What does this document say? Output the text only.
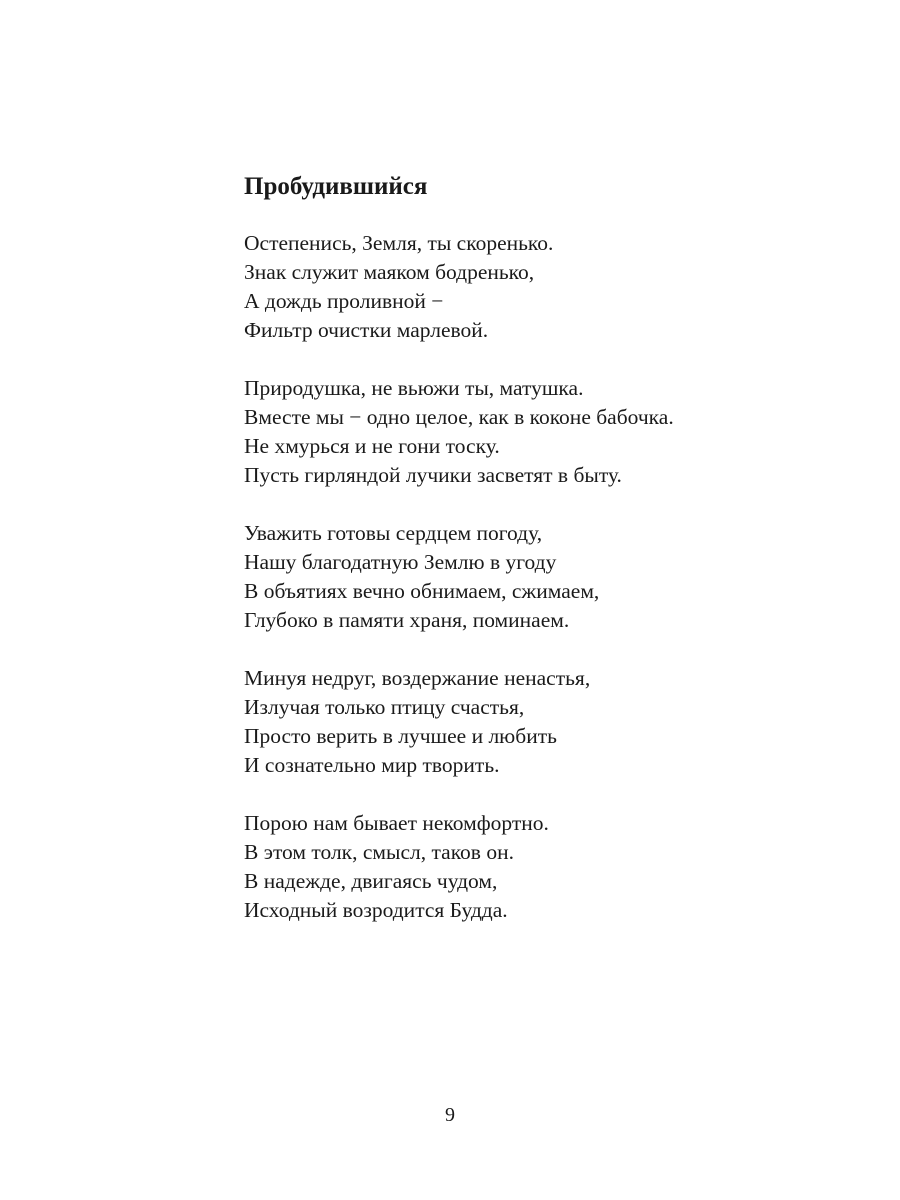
Пробудившийся
Остепенись, Земля, ты скоренько.
Знак служит маяком бодренько,
А дождь проливной −
Фильтр очистки марлевой.
Природушка, не вьюжи ты, матушка.
Вместе мы − одно целое, как в коконе бабочка.
Не хмурься и не гони тоску.
Пусть гирляндой лучики засветят в быту.
Уважить готовы сердцем погоду,
Нашу благодатную Землю в угоду
В объятиях вечно обнимаем, сжимаем,
Глубоко в памяти храня, поминаем.
Минуя недруг, воздержание ненастья,
Излучая только птицу счастья,
Просто верить в лучшее и любить
И сознательно мир творить.
Порою нам бывает некомфортно.
В этом толк, смысл, таков он.
В надежде, двигаясь чудом,
Исходный возродится Будда.
9
